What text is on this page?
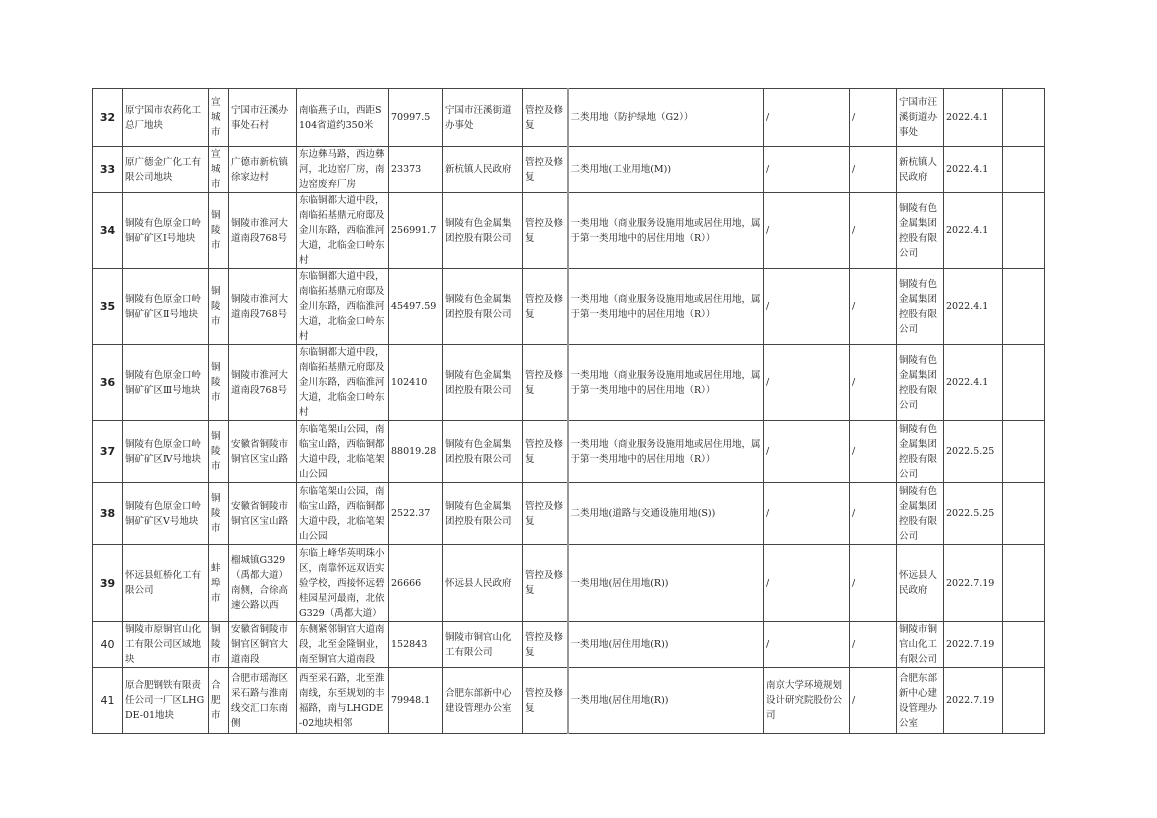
32	原宁国市农药化工总厂地块	宣城市	宁国市汪溪办事处石村	南临燕子山，西距S104省道约350米	70997.5	宁国市汪溪街道办事处	管控及修复	二类用地（防护绿地（G2））	/	/	宁国市汪溪街道办事处	2022.4.1	
33	原广德金广化工有限公司地块	宣城市	广德市新杭镇徐家边村	东边彝马路，西边彝河，北边窑厂房，南边窑废弃厂房	23373	新杭镇人民政府	管控及修复	二类用地(工业用地(M))	/	/	新杭镇人民政府	2022.4.1	
34	铜陵有色原金口岭铜矿矿区Ⅰ号地块	铜陵市	铜陵市淮河大道南段768号	东临铜都大道中段，南临拓基鼎元府邸及金川东路，西临淮河大道，北临金口岭东村	256991.7	铜陵有色金属集团控股有限公司	管控及修复	一类用地（商业服务设施用地或居住用地，属于第一类用地中的居住用地（R））	/	/	铜陵有色金属集团控股有限公司	2022.4.1	
35	铜陵有色原金口岭铜矿矿区Ⅱ号地块	铜陵市	铜陵市淮河大道南段768号	东临铜都大道中段，南临拓基鼎元府邸及金川东路，西临淮河大道，北临金口岭东村	45497.59	铜陵有色金属集团控股有限公司	管控及修复	一类用地（商业服务设施用地或居住用地，属于第一类用地中的居住用地（R））	/	/	铜陵有色金属集团控股有限公司	2022.4.1	
36	铜陵有色原金口岭铜矿矿区Ⅲ号地块	铜陵市	铜陵市淮河大道南段768号	东临铜都大道中段，南临拓基鼎元府邸及金川东路，西临淮河大道，北临金口岭东村	102410	铜陵有色金属集团控股有限公司	管控及修复	一类用地（商业服务设施用地或居住用地，属于第一类用地中的居住用地（R））	/	/	铜陵有色金属集团控股有限公司	2022.4.1	
37	铜陵有色原金口岭铜矿矿区Ⅳ号地块	铜陵市	安徽省铜陵市铜官区宝山路	东临笔架山公园，南临宝山路，西临铜都大道中段，北临笔架山公园	88019.28	铜陵有色金属集团控股有限公司	管控及修复	一类用地（商业服务设施用地或居住用地，属于第一类用地中的居住用地（R））	/	/	铜陵有色金属集团控股有限公司	2022.5.25	
38	铜陵有色原金口岭铜矿矿区Ⅴ号地块	铜陵市	安徽省铜陵市铜官区宝山路	东临笔架山公园，南临宝山路，西临铜都大道中段，北临笔架山公园	2522.37	铜陵有色金属集团控股有限公司	管控及修复	二类用地(道路与交通设施用地(S))	/	/	铜陵有色金属集团控股有限公司	2022.5.25	
39	怀远县虹桥化工有限公司	蚌埠市	榴城镇G329（禹都大道）南侧，合徐高速公路以西	东临上峰华英明珠小区，南靠怀远双语实验学校，西接怀远碧桂园星河最南，北依G329（禹都大道）	26666	怀远县人民政府	管控及修复	一类用地(居住用地(R))	/	/	怀远县人民政府	2022.7.19	
40	铜陵市原铜官山化工有限公司区域地块	铜陵市	安徽省铜陵市铜官区铜官大道南段	东侧紧邻铜官大道南段，北至金隆铜业，南至铜官大道南段	152843	铜陵市铜官山化工有限公司	管控及修复	一类用地(居住用地(R))	/	/	铜陵市铜官山化工有限公司	2022.7.19	
41	原合肥钢铁有限责任公司一厂区LHGDE-01地块	合肥市	合肥市瑶海区采石路与淮南线交汇口东南侧	西至采石路，北至淮南线，东至规划的丰福路，南与LHGDE-02地块相邻	79948.1	合肥东部新中心建设管理办公室	管控及修复	一类用地(居住用地(R))	南京大学环境规划设计研究院股份公司	/	合肥东部新中心建设管理办公室	2022.7.19	
